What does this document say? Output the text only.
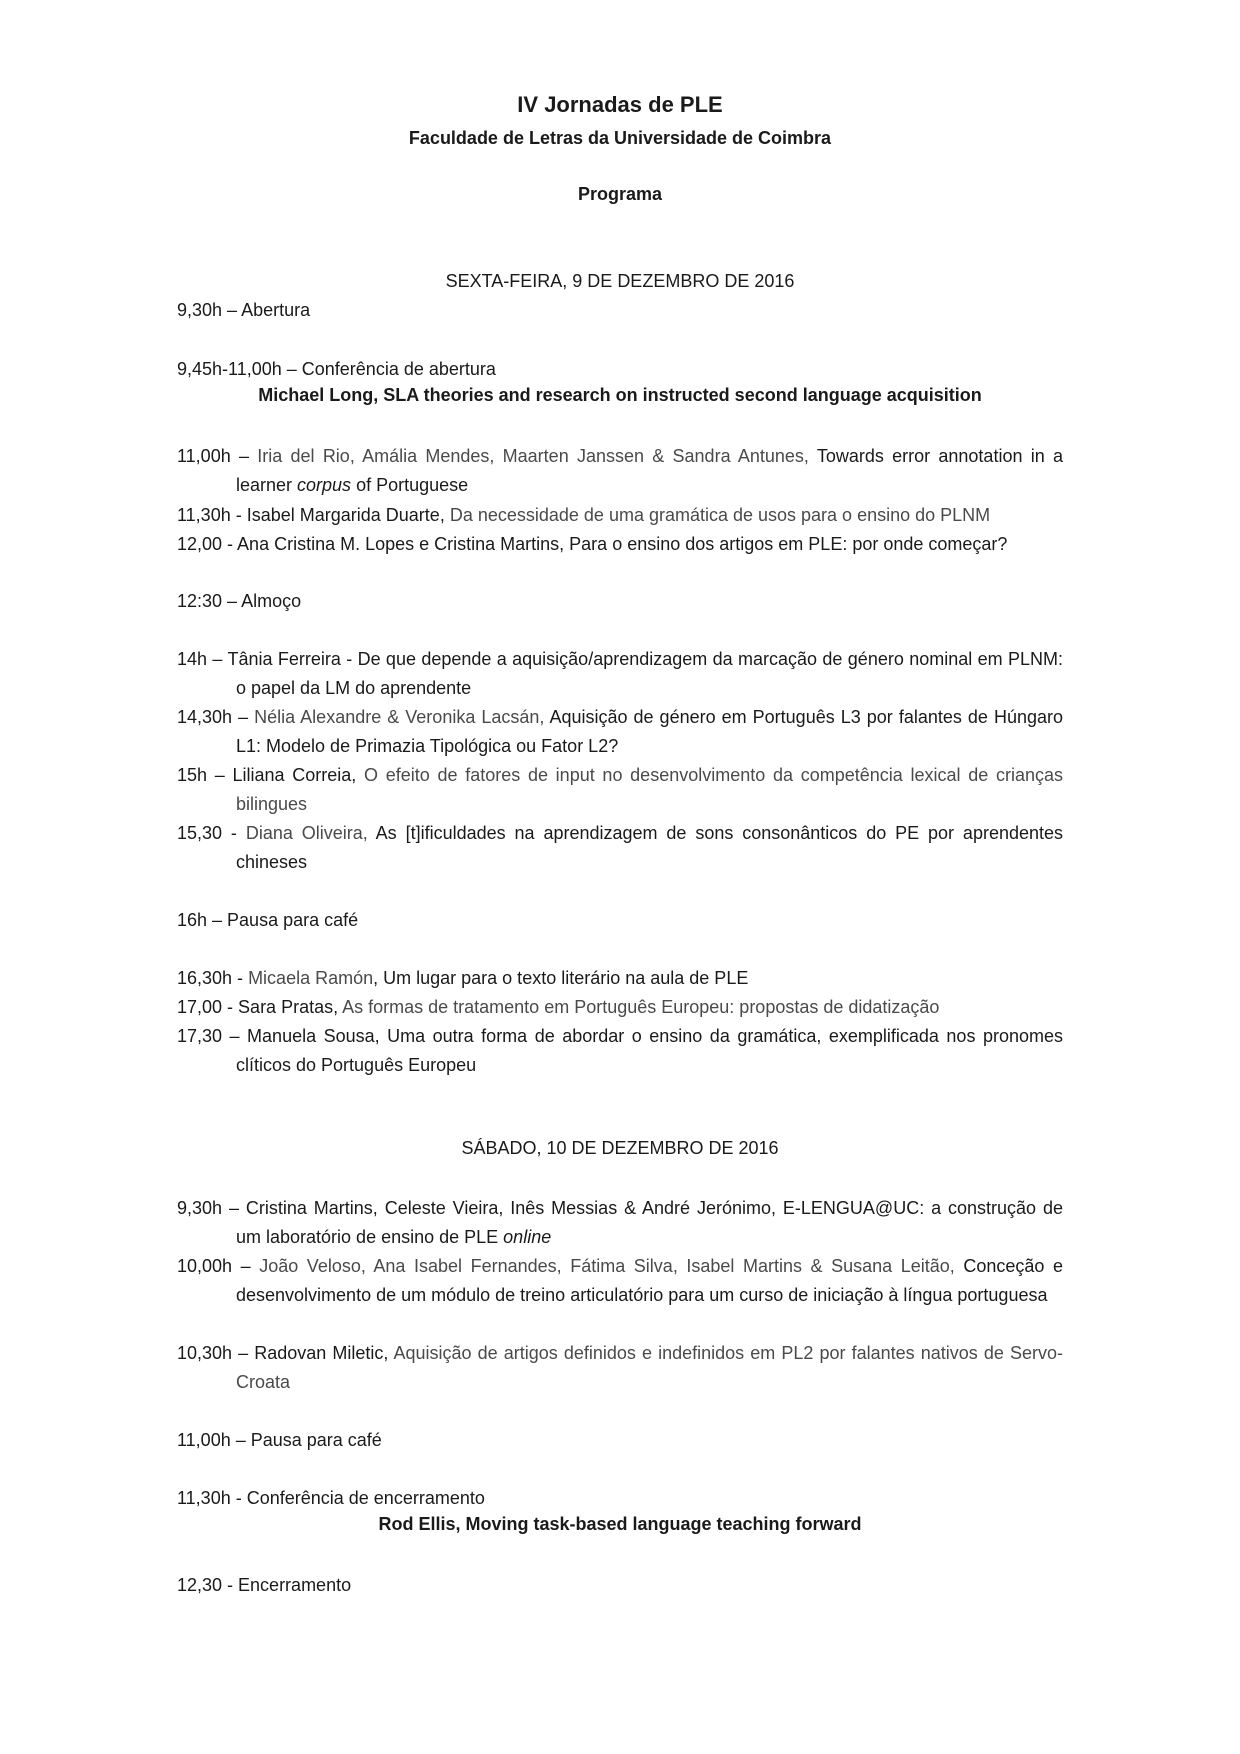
IV Jornadas de PLE
Faculdade de Letras da Universidade de Coimbra
Programa
SEXTA-FEIRA, 9 DE DEZEMBRO DE 2016
9,30h – Abertura
9,45h-11,00h – Conferência de abertura
Michael Long, SLA theories and research on instructed second language acquisition
11,00h – Iria del Rio, Amália Mendes, Maarten Janssen & Sandra Antunes, Towards error annotation in a learner corpus of Portuguese
11,30h - Isabel Margarida Duarte, Da necessidade de uma gramática de usos para o ensino do PLNM
12,00 - Ana Cristina M. Lopes e Cristina Martins, Para o ensino dos artigos em PLE: por onde começar?
12:30 – Almoço
14h – Tânia Ferreira - De que depende a aquisição/aprendizagem da marcação de género nominal em PLNM: o papel da LM do aprendente
14,30h – Nélia Alexandre & Veronika Lacsán, Aquisição de género em Português L3 por falantes de Húngaro L1: Modelo de Primazia Tipológica ou Fator L2?
15h – Liliana Correia, O efeito de fatores de input no desenvolvimento da competência lexical de crianças bilingues
15,30 - Diana Oliveira, As [t]ificuldades na aprendizagem de sons consonânticos do PE por aprendentes chineses
16h – Pausa para café
16,30h - Micaela Ramón, Um lugar para o texto literário na aula de PLE
17,00 - Sara Pratas, As formas de tratamento em Português Europeu: propostas de didatização
17,30 – Manuela Sousa, Uma outra forma de abordar o ensino da gramática, exemplificada nos pronomes clíticos do Português Europeu
SÁBADO, 10 DE DEZEMBRO DE 2016
9,30h – Cristina Martins, Celeste Vieira, Inês Messias & André Jerónimo, E-LENGUA@UC: a construção de um laboratório de ensino de PLE online
10,00h – João Veloso, Ana Isabel Fernandes, Fátima Silva, Isabel Martins & Susana Leitão, Conceção e desenvolvimento de um módulo de treino articulatório para um curso de iniciação à língua portuguesa
10,30h – Radovan Miletic, Aquisição de artigos definidos e indefinidos em PL2 por falantes nativos de Servo-Croata
11,00h – Pausa para café
11,30h - Conferência de encerramento
Rod Ellis, Moving task-based language teaching forward
12,30 - Encerramento
